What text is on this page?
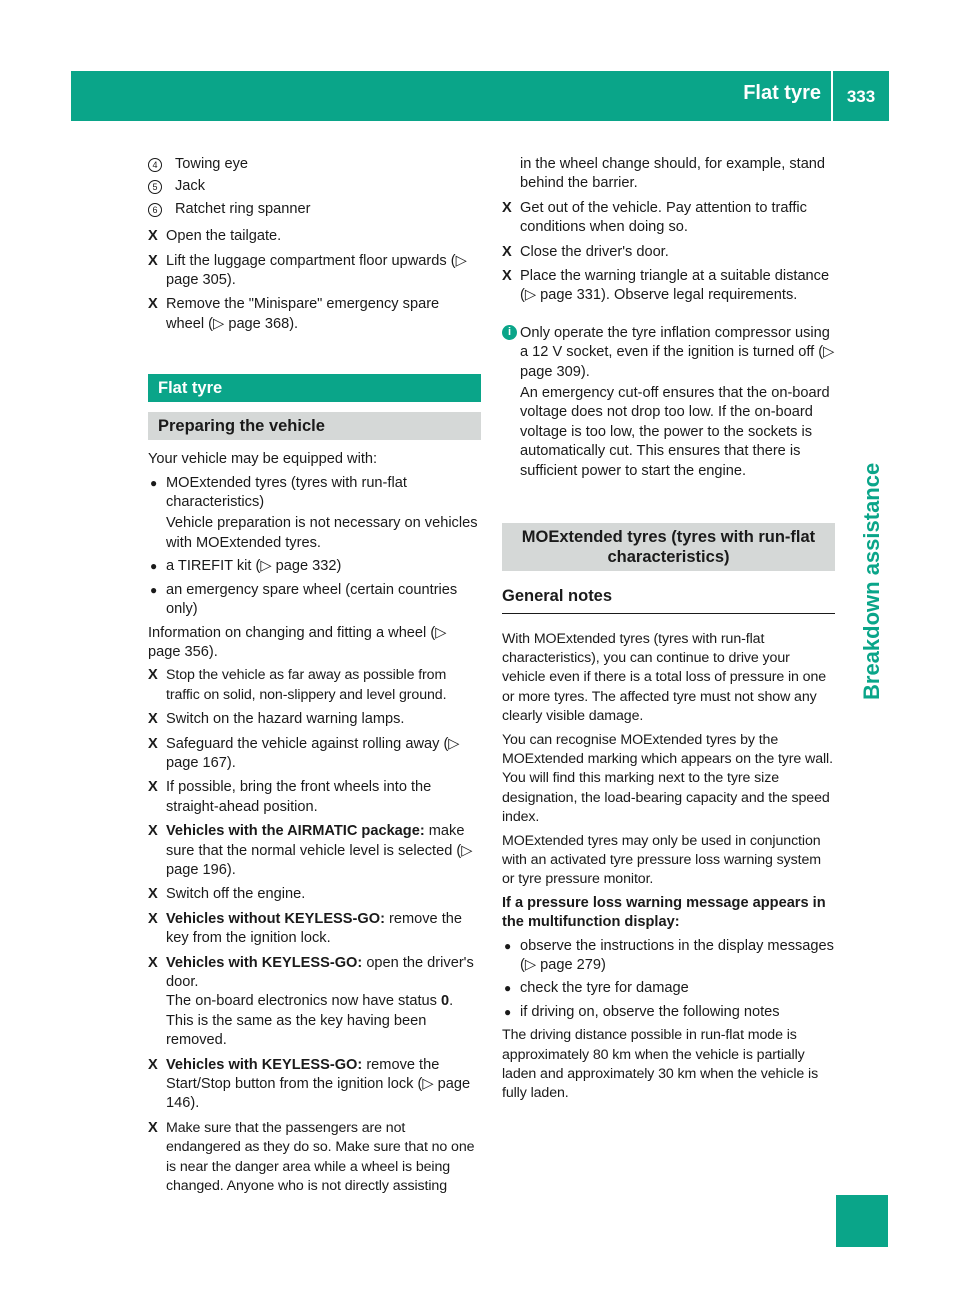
Flat tyre	333
Breakdown assistance
4	Towing eye
5	Jack
6	Ratchet ring spanner
X Open the tailgate.
X Lift the luggage compartment floor upwards (▷ page 305).
X Remove the "Minispare" emergency spare wheel (▷ page 368).
Flat tyre
Preparing the vehicle
Your vehicle may be equipped with:
● MOExtended tyres (tyres with run-flat characteristics)
Vehicle preparation is not necessary on vehicles with MOExtended tyres.
● a TIREFIT kit (▷ page 332)
● an emergency spare wheel (certain countries only)
Information on changing and fitting a wheel (▷ page 356).
X Stop the vehicle as far away as possible from traffic on solid, non-slippery and level ground.
X Switch on the hazard warning lamps.
X Safeguard the vehicle against rolling away (▷ page 167).
X If possible, bring the front wheels into the straight-ahead position.
X Vehicles with the AIRMATIC package: make sure that the normal vehicle level is selected (▷ page 196).
X Switch off the engine.
X Vehicles without KEYLESS-GO: remove the key from the ignition lock.
X Vehicles with KEYLESS-GO: open the driver's door.
The on-board electronics now have status 0. This is the same as the key having been removed.
X Vehicles with KEYLESS-GO: remove the Start/Stop button from the ignition lock (▷ page 146).
X Make sure that the passengers are not endangered as they do so. Make sure that no one is near the danger area while a wheel is being changed. Anyone who is not directly assisting
in the wheel change should, for example, stand behind the barrier.
X Get out of the vehicle. Pay attention to traffic conditions when doing so.
X Close the driver's door.
X Place the warning triangle at a suitable distance (▷ page 331). Observe legal requirements.
i Only operate the tyre inflation compressor using a 12 V socket, even if the ignition is turned off (▷ page 309).
An emergency cut-off ensures that the on-board voltage does not drop too low. If the on-board voltage is too low, the power to the sockets is automatically cut. This ensures that there is sufficient power to start the engine.
MOExtended tyres (tyres with run-flat characteristics)
General notes
With MOExtended tyres (tyres with run-flat characteristics), you can continue to drive your vehicle even if there is a total loss of pressure in one or more tyres. The affected tyre must not show any clearly visible damage.
You can recognise MOExtended tyres by the MOExtended marking which appears on the tyre wall. You will find this marking next to the tyre size designation, the load-bearing capacity and the speed index.
MOExtended tyres may only be used in conjunction with an activated tyre pressure loss warning system or tyre pressure monitor.
If a pressure loss warning message appears in the multifunction display:
● observe the instructions in the display messages (▷ page 279)
● check the tyre for damage
● if driving on, observe the following notes
The driving distance possible in run-flat mode is approximately 80 km when the vehicle is partially laden and approximately 30 km when the vehicle is fully laden.
